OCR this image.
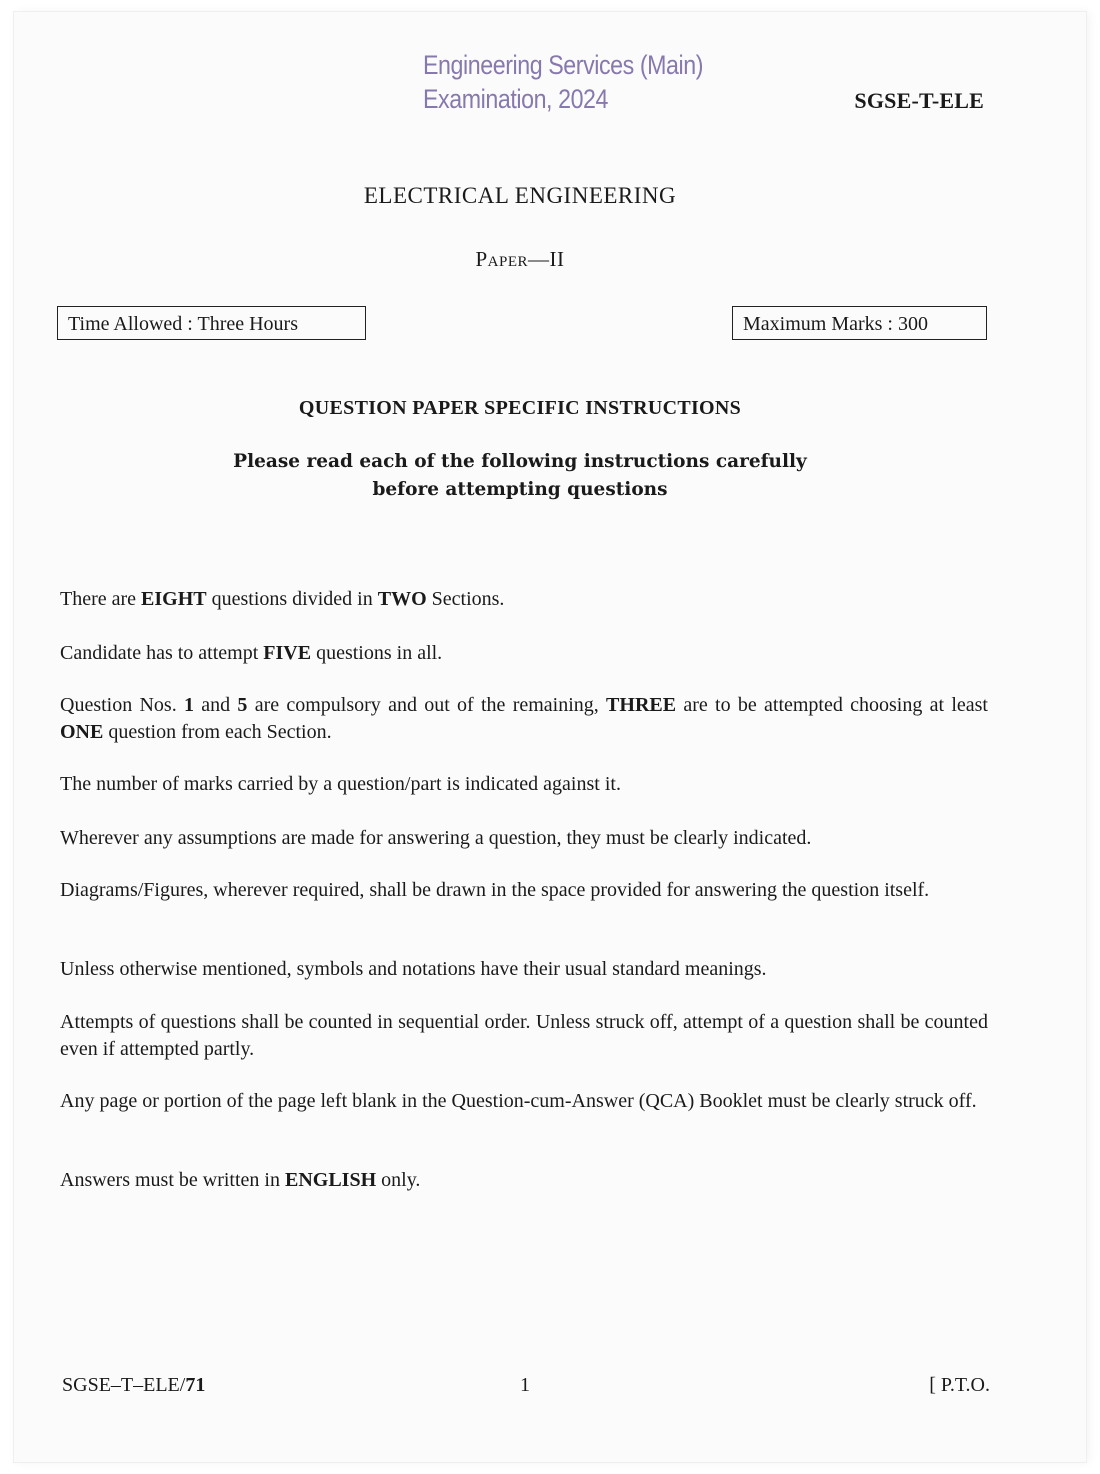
Engineering Services (Main)
Examination, 2024	SGSE-T-ELE
ELECTRICAL ENGINEERING
Paper—II
Time Allowed : Three Hours	Maximum Marks : 300
QUESTION PAPER SPECIFIC INSTRUCTIONS
Please read each of the following instructions carefully
before attempting questions
There are EIGHT questions divided in TWO Sections.
Candidate has to attempt FIVE questions in all.
Question Nos. 1 and 5 are compulsory and out of the remaining, THREE are to be attempted choosing at least ONE question from each Section.
The number of marks carried by a question/part is indicated against it.
Wherever any assumptions are made for answering a question, they must be clearly indicated.
Diagrams/Figures, wherever required, shall be drawn in the space provided for answering the question itself.
Unless otherwise mentioned, symbols and notations have their usual standard meanings.
Attempts of questions shall be counted in sequential order. Unless struck off, attempt of a question shall be counted even if attempted partly.
Any page or portion of the page left blank in the Question-cum-Answer (QCA) Booklet must be clearly struck off.
Answers must be written in ENGLISH only.
SGSE–T–ELE/71	1	[ P.T.O.
